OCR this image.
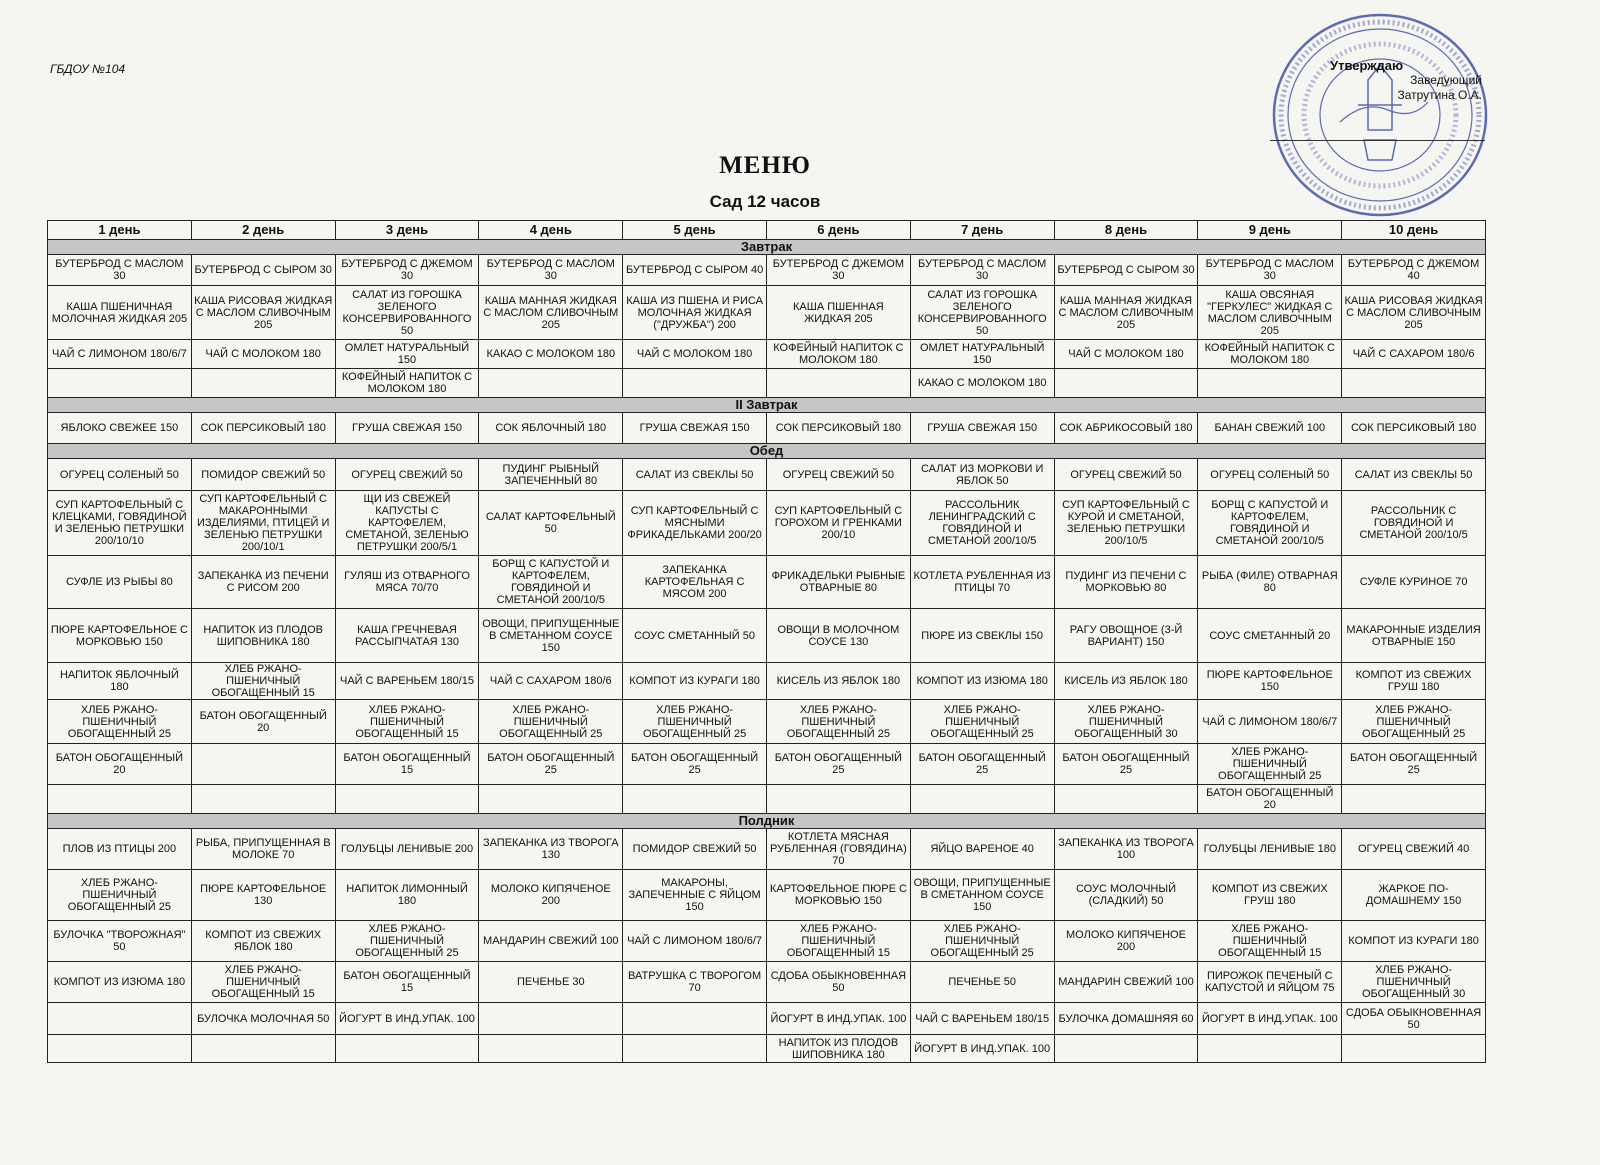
ГБДОУ №104	Утверждаю
Заведующий
Затрутина О.А.
МЕНЮ
Сад 12 часов
1 день	2 день	3 день	4 день	5 день	6 день	7 день	8 день	9 день	10 день
Завтрак									
БУТЕРБРОД С МАСЛОМ 30	БУТЕРБРОД С СЫРОМ 30	БУТЕРБРОД С ДЖЕМОМ 30	БУТЕРБРОД С МАСЛОМ 30	БУТЕРБРОД С СЫРОМ 40	БУТЕРБРОД С ДЖЕМОМ 30	БУТЕРБРОД С МАСЛОМ 30	БУТЕРБРОД С СЫРОМ 30	БУТЕРБРОД С МАСЛОМ 30	БУТЕРБРОД С ДЖЕМОМ 40
КАША ПШЕНИЧНАЯ МОЛОЧНАЯ ЖИДКАЯ 205	КАША РИСОВАЯ ЖИДКАЯ С МАСЛОМ СЛИВОЧНЫМ 205	САЛАТ ИЗ ГОРОШКА ЗЕЛЕНОГО КОНСЕРВИРОВАННОГО 50	КАША МАННАЯ ЖИДКАЯ С МАСЛОМ СЛИВОЧНЫМ 205	КАША ИЗ ПШЕНА И РИСА МОЛОЧНАЯ ЖИДКАЯ ("ДРУЖБА") 200	КАША ПШЕННАЯ ЖИДКАЯ 205	САЛАТ ИЗ ГОРОШКА ЗЕЛЕНОГО КОНСЕРВИРОВАННОГО 50	КАША МАННАЯ ЖИДКАЯ С МАСЛОМ СЛИВОЧНЫМ 205	КАША ОВСЯНАЯ "ГЕРКУЛЕС" ЖИДКАЯ С МАСЛОМ СЛИВОЧНЫМ 205	КАША РИСОВАЯ ЖИДКАЯ С МАСЛОМ СЛИВОЧНЫМ 205
ЧАЙ С ЛИМОНОМ 180/6/7	ЧАЙ С МОЛОКОМ 180	ОМЛЕТ НАТУРАЛЬНЫЙ 150	КАКАО С МОЛОКОМ 180	ЧАЙ С МОЛОКОМ 180	КОФЕЙНЫЙ НАПИТОК С МОЛОКОМ 180	ОМЛЕТ НАТУРАЛЬНЫЙ 150	ЧАЙ С МОЛОКОМ 180	КОФЕЙНЫЙ НАПИТОК С МОЛОКОМ 180	ЧАЙ С САХАРОМ 180/6
		КОФЕЙНЫЙ НАПИТОК С МОЛОКОМ 180				КАКАО С МОЛОКОМ 180			
II Завтрак									
ЯБЛОКО СВЕЖЕЕ 150	СОК ПЕРСИКОВЫЙ 180	ГРУША СВЕЖАЯ 150	СОК ЯБЛОЧНЫЙ 180	ГРУША СВЕЖАЯ 150	СОК ПЕРСИКОВЫЙ 180	ГРУША СВЕЖАЯ 150	СОК АБРИКОСОВЫЙ 180	БАНАН СВЕЖИЙ 100	СОК ПЕРСИКОВЫЙ 180
Обед									
ОГУРЕЦ СОЛЕНЫЙ 50	ПОМИДОР СВЕЖИЙ 50	ОГУРЕЦ СВЕЖИЙ 50	ПУДИНГ РЫБНЫЙ ЗАПЕЧЕННЫЙ 80	САЛАТ ИЗ СВЕКЛЫ 50	ОГУРЕЦ СВЕЖИЙ 50	САЛАТ ИЗ МОРКОВИ И ЯБЛОК 50	ОГУРЕЦ СВЕЖИЙ 50	ОГУРЕЦ СОЛЕНЫЙ 50	САЛАТ ИЗ СВЕКЛЫ 50
СУП КАРТОФЕЛЬНЫЙ С КЛЕЦКАМИ, ГОВЯДИНОЙ И ЗЕЛЕНЬЮ ПЕТРУШКИ 200/10/10	СУП КАРТОФЕЛЬНЫЙ С МАКАРОННЫМИ ИЗДЕЛИЯМИ, ПТИЦЕЙ И ЗЕЛЕНЬЮ ПЕТРУШКИ 200/10/1	ЩИ ИЗ СВЕЖЕЙ КАПУСТЫ С КАРТОФЕЛЕМ, СМЕТАНОЙ, ЗЕЛЕНЬЮ ПЕТРУШКИ 200/5/1	САЛАТ КАРТОФЕЛЬНЫЙ 50	СУП КАРТОФЕЛЬНЫЙ С МЯСНЫМИ ФРИКАДЕЛЬКАМИ 200/20	СУП КАРТОФЕЛЬНЫЙ С ГОРОХОМ И ГРЕНКАМИ 200/10	РАССОЛЬНИК ЛЕНИНГРАДСКИЙ С ГОВЯДИНОЙ И СМЕТАНОЙ 200/10/5	СУП КАРТОФЕЛЬНЫЙ С КУРОЙ И СМЕТАНОЙ, ЗЕЛЕНЬЮ ПЕТРУШКИ 200/10/5	БОРЩ С КАПУСТОЙ И КАРТОФЕЛЕМ, ГОВЯДИНОЙ И СМЕТАНОЙ 200/10/5	РАССОЛЬНИК С ГОВЯДИНОЙ И СМЕТАНОЙ 200/10/5
СУФЛЕ ИЗ РЫБЫ 80	ЗАПЕКАНКА ИЗ ПЕЧЕНИ С РИСОМ 200	ГУЛЯШ ИЗ ОТВАРНОГО МЯСА 70/70	БОРЩ С КАПУСТОЙ И КАРТОФЕЛЕМ, ГОВЯДИНОЙ И СМЕТАНОЙ 200/10/5	ЗАПЕКАНКА КАРТОФЕЛЬНАЯ С МЯСОМ 200	ФРИКАДЕЛЬКИ РЫБНЫЕ ОТВАРНЫЕ 80	КОТЛЕТА РУБЛЕННАЯ ИЗ ПТИЦЫ 70	ПУДИНГ ИЗ ПЕЧЕНИ С МОРКОВЬЮ 80	РЫБА (ФИЛЕ) ОТВАРНАЯ 80	СУФЛЕ КУРИНОЕ 70
ПЮРЕ КАРТОФЕЛЬНОЕ С МОРКОВЬЮ 150	НАПИТОК ИЗ ПЛОДОВ ШИПОВНИКА 180	КАША ГРЕЧНЕВАЯ РАССЫПЧАТАЯ 130	ОВОЩИ, ПРИПУЩЕННЫЕ В СМЕТАННОМ СОУСЕ 150	СОУС СМЕТАННЫЙ 50	ОВОЩИ В МОЛОЧНОМ СОУСЕ 130	ПЮРЕ ИЗ СВЕКЛЫ 150	РАГУ ОВОЩНОЕ (3-Й ВАРИАНТ) 150	СОУС СМЕТАННЫЙ 20	МАКАРОННЫЕ ИЗДЕЛИЯ ОТВАРНЫЕ 150
НАПИТОК ЯБЛОЧНЫЙ 180	ХЛЕБ РЖАНО-ПШЕНИЧНЫЙ ОБОГАЩЕННЫЙ 15	ЧАЙ С ВАРЕНЬЕМ 180/15	ЧАЙ С САХАРОМ 180/6	КОМПОТ ИЗ КУРАГИ 180	КИСЕЛЬ ИЗ ЯБЛОК 180	КОМПОТ ИЗ ИЗЮМА 180	КИСЕЛЬ ИЗ ЯБЛОК 180	ПЮРЕ КАРТОФЕЛЬНОЕ 150	КОМПОТ ИЗ СВЕЖИХ ГРУШ 180
ХЛЕБ РЖАНО-ПШЕНИЧНЫЙ ОБОГАЩЕННЫЙ 25	БАТОН ОБОГАЩЕННЫЙ 20	ХЛЕБ РЖАНО-ПШЕНИЧНЫЙ ОБОГАЩЕННЫЙ 15	ХЛЕБ РЖАНО-ПШЕНИЧНЫЙ ОБОГАЩЕННЫЙ 25	ХЛЕБ РЖАНО-ПШЕНИЧНЫЙ ОБОГАЩЕННЫЙ 25	ХЛЕБ РЖАНО-ПШЕНИЧНЫЙ ОБОГАЩЕННЫЙ 25	ХЛЕБ РЖАНО-ПШЕНИЧНЫЙ ОБОГАЩЕННЫЙ 25	ХЛЕБ РЖАНО-ПШЕНИЧНЫЙ ОБОГАЩЕННЫЙ 30	ЧАЙ С ЛИМОНОМ 180/6/7	ХЛЕБ РЖАНО-ПШЕНИЧНЫЙ ОБОГАЩЕННЫЙ 25
БАТОН ОБОГАЩЕННЫЙ 20		БАТОН ОБОГАЩЕННЫЙ 15	БАТОН ОБОГАЩЕННЫЙ 25	БАТОН ОБОГАЩЕННЫЙ 25	БАТОН ОБОГАЩЕННЫЙ 25	БАТОН ОБОГАЩЕННЫЙ 25	БАТОН ОБОГАЩЕННЫЙ 25	ХЛЕБ РЖАНО-ПШЕНИЧНЫЙ ОБОГАЩЕННЫЙ 25	БАТОН ОБОГАЩЕННЫЙ 25
								БАТОН ОБОГАЩЕННЫЙ 20	
Полдник									
ПЛОВ ИЗ ПТИЦЫ 200	РЫБА, ПРИПУЩЕННАЯ В МОЛОКЕ 70	ГОЛУБЦЫ ЛЕНИВЫЕ 200	ЗАПЕКАНКА ИЗ ТВОРОГА 130	ПОМИДОР СВЕЖИЙ 50	КОТЛЕТА МЯСНАЯ РУБЛЕННАЯ (ГОВЯДИНА) 70	ЯЙЦО ВАРЕНОЕ 40	ЗАПЕКАНКА ИЗ ТВОРОГА 100	ГОЛУБЦЫ ЛЕНИВЫЕ 180	ОГУРЕЦ СВЕЖИЙ 40
ХЛЕБ РЖАНО-ПШЕНИЧНЫЙ ОБОГАЩЕННЫЙ 25	ПЮРЕ КАРТОФЕЛЬНОЕ 130	НАПИТОК ЛИМОННЫЙ 180	МОЛОКО КИПЯЧЕНОЕ 200	МАКАРОНЫ, ЗАПЕЧЕННЫЕ С ЯЙЦОМ 150	КАРТОФЕЛЬНОЕ ПЮРЕ С МОРКОВЬЮ 150	ОВОЩИ, ПРИПУЩЕННЫЕ В СМЕТАННОМ СОУСЕ 150	СОУС МОЛОЧНЫЙ (СЛАДКИЙ) 50	КОМПОТ ИЗ СВЕЖИХ ГРУШ 180	ЖАРКОЕ ПО-ДОМАШНЕМУ 150
БУЛОЧКА "ТВОРОЖНАЯ" 50	КОМПОТ ИЗ СВЕЖИХ ЯБЛОК 180	ХЛЕБ РЖАНО-ПШЕНИЧНЫЙ ОБОГАЩЕННЫЙ 25	МАНДАРИН СВЕЖИЙ 100	ЧАЙ С ЛИМОНОМ 180/6/7	ХЛЕБ РЖАНО-ПШЕНИЧНЫЙ ОБОГАЩЕННЫЙ 15	ХЛЕБ РЖАНО-ПШЕНИЧНЫЙ ОБОГАЩЕННЫЙ 25	МОЛОКО КИПЯЧЕНОЕ 200	ХЛЕБ РЖАНО-ПШЕНИЧНЫЙ ОБОГАЩЕННЫЙ 15	КОМПОТ ИЗ КУРАГИ 180
КОМПОТ ИЗ ИЗЮМА 180	ХЛЕБ РЖАНО-ПШЕНИЧНЫЙ ОБОГАЩЕННЫЙ 15	БАТОН ОБОГАЩЕННЫЙ 15	ПЕЧЕНЬЕ 30	ВАТРУШКА С ТВОРОГОМ 70	СДОБА ОБЫКНОВЕННАЯ 50	ПЕЧЕНЬЕ 50	МАНДАРИН СВЕЖИЙ 100	ПИРОЖОК ПЕЧЕНЫЙ С КАПУСТОЙ И ЯЙЦОМ 75	ХЛЕБ РЖАНО-ПШЕНИЧНЫЙ ОБОГАЩЕННЫЙ 30
	БУЛОЧКА МОЛОЧНАЯ 50	ЙОГУРТ В ИНД.УПАК. 100			ЙОГУРТ В ИНД.УПАК. 100	ЧАЙ С ВАРЕНЬЕМ 180/15	БУЛОЧКА ДОМАШНЯЯ 60	ЙОГУРТ В ИНД.УПАК. 100	СДОБА ОБЫКНОВЕННАЯ 50
					НАПИТОК ИЗ ПЛОДОВ ШИПОВНИКА 180	ЙОГУРТ В ИНД.УПАК. 100			
